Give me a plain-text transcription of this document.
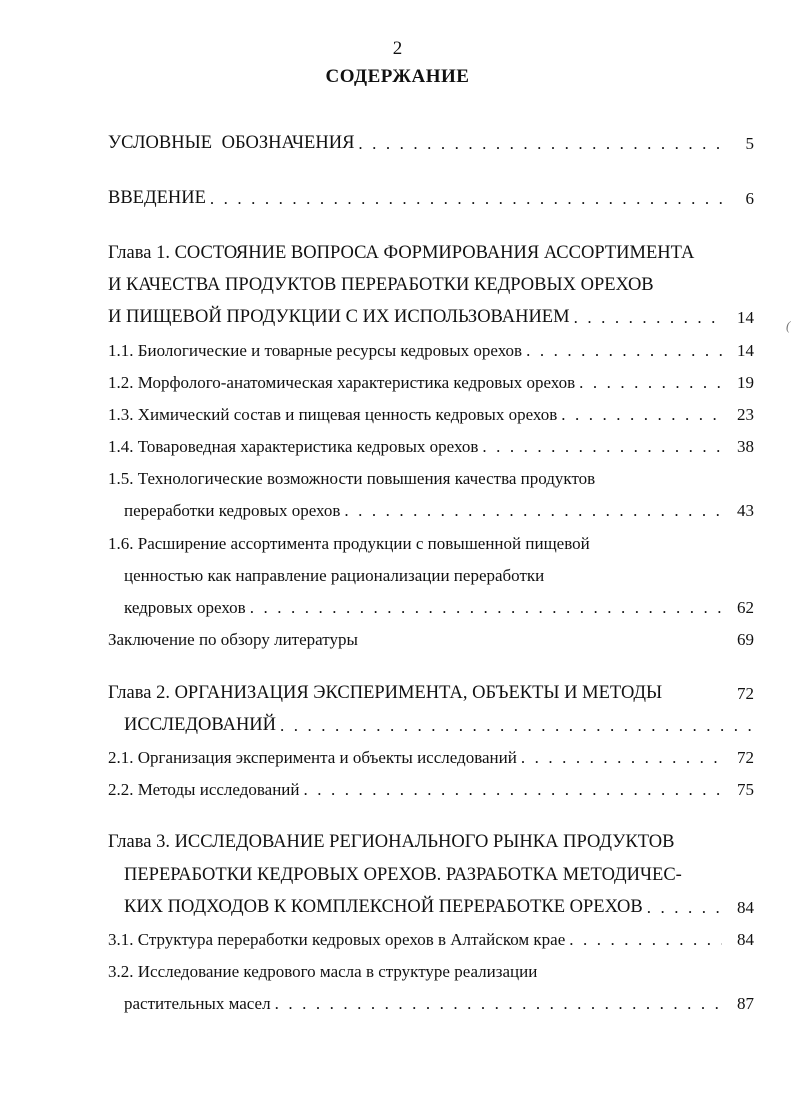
2
СОДЕРЖАНИЕ
(
УСЛОВНЫЕ ОБОЗНАЧЕНИЯ .....	5
ВВЕДЕНИЕ .....	6
Глава 1. СОСТОЯНИЕ ВОПРОСА ФОРМИРОВАНИЯ АССОРТИМЕНТА
И КАЧЕСТВА ПРОДУКТОВ ПЕРЕРАБОТКИ КЕДРОВЫХ ОРЕХОВ
И ПИЩЕВОЙ ПРОДУКЦИИ С ИХ ИСПОЛЬЗОВАНИЕМ .....	14
1.1. Биологические и товарные ресурсы кедровых орехов .....	14
1.2. Морфолого-анатомическая характеристика кедровых орехов .....	19
1.3. Химический состав и пищевая ценность кедровых орехов .....	23
1.4. Товароведная характеристика кедровых орехов .....	38
1.5. Технологические возможности повышения качества продуктов
переработки кедровых орехов .....	43
1.6. Расширение ассортимента продукции с повышенной пищевой
ценностью как направление рационализации переработки
кедровых орехов .....	62
Заключение по обзору литературы	69
Глава 2. ОРГАНИЗАЦИЯ ЭКСПЕРИМЕНТА, ОБЪЕКТЫ И МЕТОДЫ	72
ИССЛЕДОВАНИЙ
.....
2.1. Организация эксперимента и объекты исследований .....	72
2.2. Методы исследований .....	75
Глава 3. ИССЛЕДОВАНИЕ РЕГИОНАЛЬНОГО РЫНКА ПРОДУКТОВ
ПЕРЕРАБОТКИ КЕДРОВЫХ ОРЕХОВ. РАЗРАБОТКА МЕТОДИЧЕС-
КИХ ПОДХОДОВ К КОМПЛЕКСНОЙ ПЕРЕРАБОТКЕ ОРЕХОВ .....	84
3.1. Структура переработки кедровых орехов в Алтайском крае .....	84
3.2. Исследование кедрового масла в структуре реализации
растительных масел .....	87
